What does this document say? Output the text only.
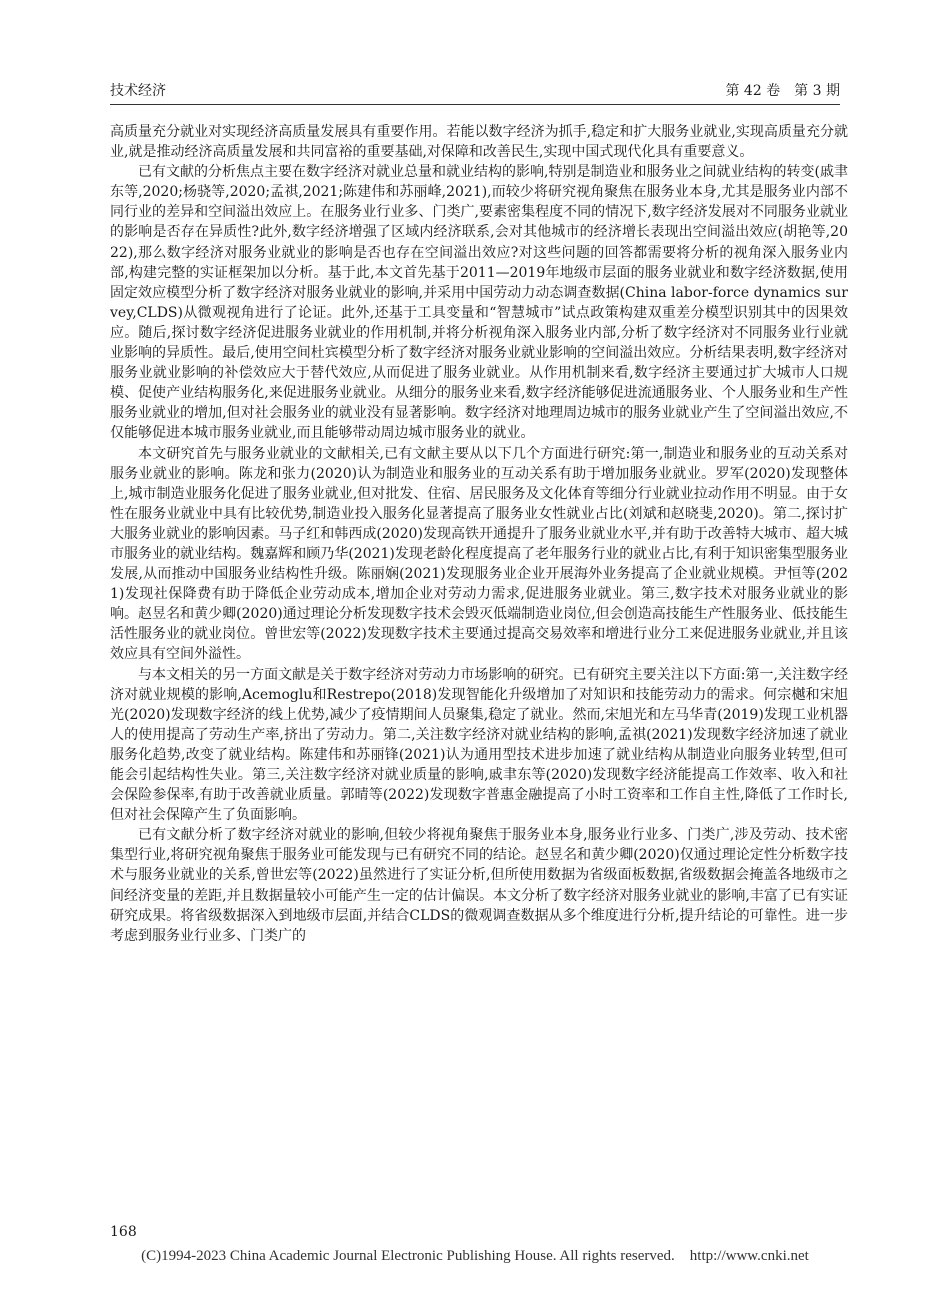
技术经济	第 42 卷　第 3 期

高质量充分就业对实现经济高质量发展具有重要作用。若能以数字经济为抓手,稳定和扩大服务业就业,实现高质量充分就业,就是推动经济高质量发展和共同富裕的重要基础,对保障和改善民生,实现中国式现代化具有重要意义。

已有文献的分析焦点主要在数字经济对就业总量和就业结构的影响,特别是制造业和服务业之间就业结构的转变(戚聿东等,2020;杨骁等,2020;孟祺,2021;陈建伟和苏丽峰,2021),而较少将研究视角聚焦在服务业本身,尤其是服务业内部不同行业的差异和空间溢出效应上。在服务业行业多、门类广,要素密集程度不同的情况下,数字经济发展对不同服务业就业的影响是否存在异质性?此外,数字经济增强了区域内经济联系,会对其他城市的经济增长表现出空间溢出效应(胡艳等,2022),那么数字经济对服务业就业的影响是否也存在空间溢出效应?对这些问题的回答都需要将分析的视角深入服务业内部,构建完整的实证框架加以分析。基于此,本文首先基于2011—2019年地级市层面的服务业就业和数字经济数据,使用固定效应模型分析了数字经济对服务业就业的影响,并采用中国劳动力动态调查数据(China labor-force dynamics survey,CLDS)从微观视角进行了论证。此外,还基于工具变量和“智慧城市”试点政策构建双重差分模型识别其中的因果效应。随后,探讨数字经济促进服务业就业的作用机制,并将分析视角深入服务业内部,分析了数字经济对不同服务业行业就业影响的异质性。最后,使用空间杜宾模型分析了数字经济对服务业就业影响的空间溢出效应。分析结果表明,数字经济对服务业就业影响的补偿效应大于替代效应,从而促进了服务业就业。从作用机制来看,数字经济主要通过扩大城市人口规模、促使产业结构服务化,来促进服务业就业。从细分的服务业来看,数字经济能够促进流通服务业、个人服务业和生产性服务业就业的增加,但对社会服务业的就业没有显著影响。数字经济对地理周边城市的服务业就业产生了空间溢出效应,不仅能够促进本城市服务业就业,而且能够带动周边城市服务业的就业。

本文研究首先与服务业就业的文献相关,已有文献主要从以下几个方面进行研究:第一,制造业和服务业的互动关系对服务业就业的影响。陈龙和张力(2020)认为制造业和服务业的互动关系有助于增加服务业就业。罗军(2020)发现整体上,城市制造业服务化促进了服务业就业,但对批发、住宿、居民服务及文化体育等细分行业就业拉动作用不明显。由于女性在服务业就业中具有比较优势,制造业投入服务化显著提高了服务业女性就业占比(刘斌和赵晓斐,2020)。第二,探讨扩大服务业就业的影响因素。马子红和韩西成(2020)发现高铁开通提升了服务业就业水平,并有助于改善特大城市、超大城市服务业的就业结构。魏嘉辉和顾乃华(2021)发现老龄化程度提高了老年服务行业的就业占比,有利于知识密集型服务业发展,从而推动中国服务业结构性升级。陈丽娴(2021)发现服务业企业开展海外业务提高了企业就业规模。尹恒等(2021)发现社保降费有助于降低企业劳动成本,增加企业对劳动力需求,促进服务业就业。第三,数字技术对服务业就业的影响。赵昱名和黄少卿(2020)通过理论分析发现数字技术会毁灭低端制造业岗位,但会创造高技能生产性服务业、低技能生活性服务业的就业岗位。曾世宏等(2022)发现数字技术主要通过提高交易效率和增进行业分工来促进服务业就业,并且该效应具有空间外溢性。

与本文相关的另一方面文献是关于数字经济对劳动力市场影响的研究。已有研究主要关注以下方面:第一,关注数字经济对就业规模的影响,Acemoglu和Restrepo(2018)发现智能化升级增加了对知识和技能劳动力的需求。何宗樾和宋旭光(2020)发现数字经济的线上优势,减少了疫情期间人员聚集,稳定了就业。然而,宋旭光和左马华青(2019)发现工业机器人的使用提高了劳动生产率,挤出了劳动力。第二,关注数字经济对就业结构的影响,孟祺(2021)发现数字经济加速了就业服务化趋势,改变了就业结构。陈建伟和苏丽锋(2021)认为通用型技术进步加速了就业结构从制造业向服务业转型,但可能会引起结构性失业。第三,关注数字经济对就业质量的影响,戚聿东等(2020)发现数字经济能提高工作效率、收入和社会保险参保率,有助于改善就业质量。郭晴等(2022)发现数字普惠金融提高了小时工资率和工作自主性,降低了工作时长,但对社会保障产生了负面影响。

已有文献分析了数字经济对就业的影响,但较少将视角聚焦于服务业本身,服务业行业多、门类广,涉及劳动、技术密集型行业,将研究视角聚焦于服务业可能发现与已有研究不同的结论。赵昱名和黄少卿(2020)仅通过理论定性分析数字技术与服务业就业的关系,曾世宏等(2022)虽然进行了实证分析,但所使用数据为省级面板数据,省级数据会掩盖各地级市之间经济变量的差距,并且数据量较小可能产生一定的估计偏误。本文分析了数字经济对服务业就业的影响,丰富了已有实证研究成果。将省级数据深入到地级市层面,并结合CLDS的微观调查数据从多个维度进行分析,提升结论的可靠性。进一步考虑到服务业行业多、门类广的

168
(C)1994-2023 China Academic Journal Electronic Publishing House. All rights reserved.　http://www.cnki.net
